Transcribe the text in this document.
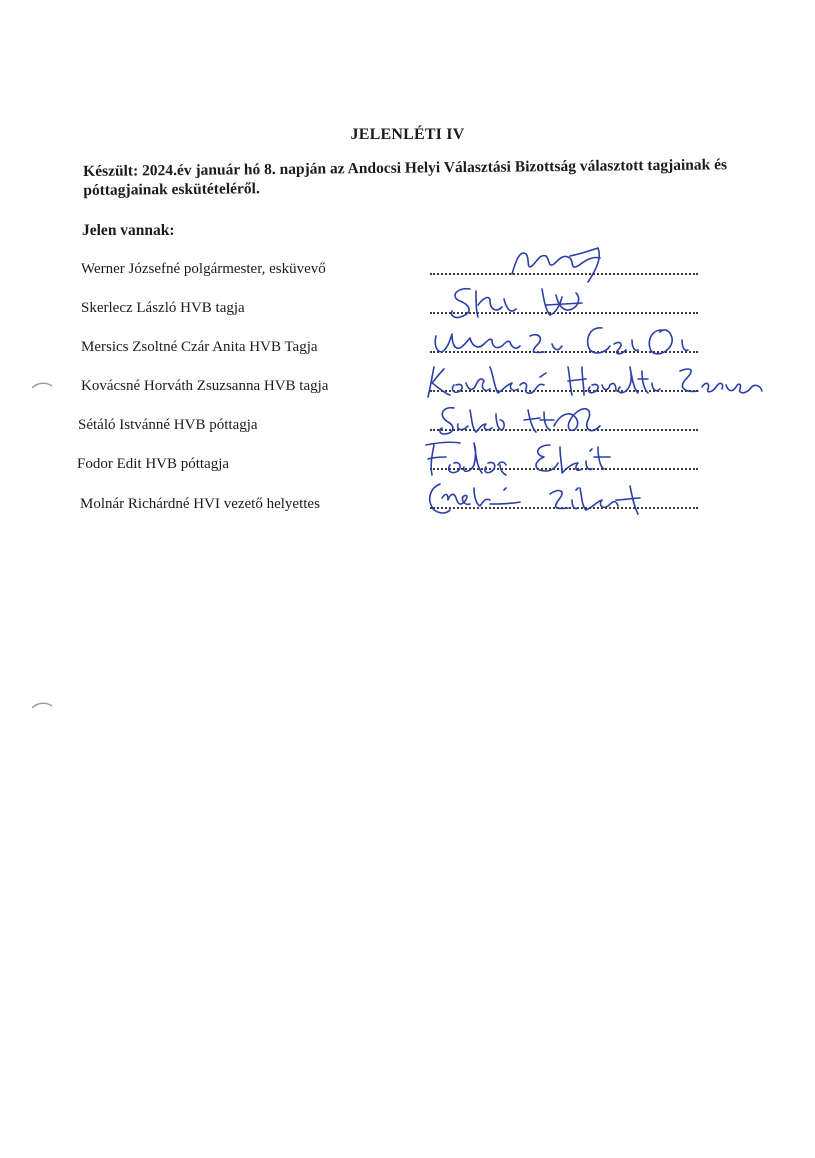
JELENLÉTI IV
Készült: 2024.év január hó 8. napján az Andocsi Helyi Választási Bizottság választott tagjainak és póttagjainak eskütételéről.
Jelen vannak:
Werner Józsefné polgármester, esküvevő
Skerlecz László HVB tagja
Mersics Zsoltné Czár Anita HVB Tagja
Kovácsné Horváth Zsuzsanna HVB tagja
Sétáló Istvánné HVB póttagja
Fodor Edit HVB póttagja
Molnár Richárdné HVI vezető helyettes
